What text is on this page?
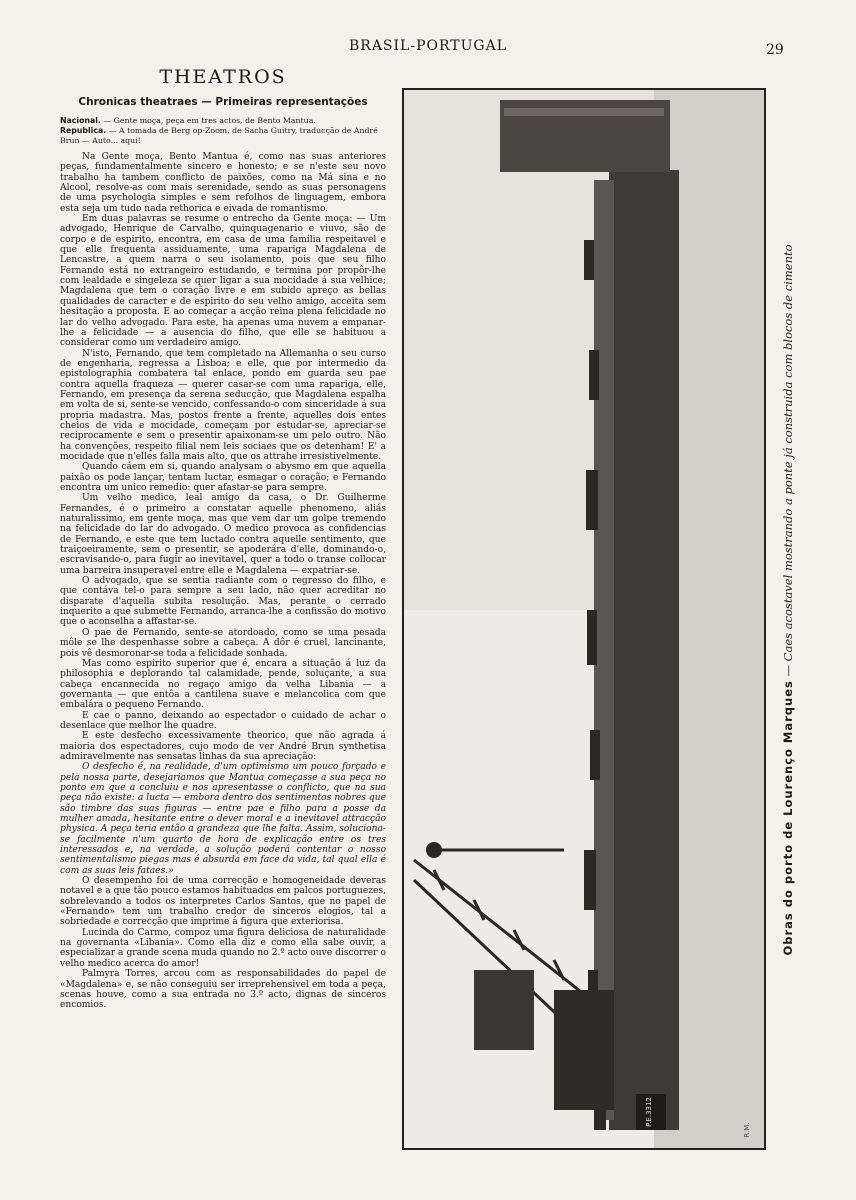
BRASIL-PORTUGAL	29
THEATROS
Chronicas theatraes — Primeiras representações
Nacional. — Gente moça, peça em tres actos, de Bento Mantua.
Republica. — A tomada de Berg op-Zoom, de Sacha Guitry, traducção de André Brun — Auto... aqui!

Na Gente moça, Bento Mantua é, como nas suas anteriores peças, fundamentalmente sincero e honesto; e se n'este seu novo trabalho ha tambem conflicto de paixões, como na Má sina e no Alcool, resolve-as com mais serenidade, sendo as suas personagens de uma psychologia simples e sem refolhos de linguagem, embora esta seja um tudo nada rethorica e eivada de romantismo.

Em duas palavras se resume o entrecho da Gente moça: — Um advogado, Henrique de Carvalho, quinquagenario e viuvo, são de corpo e de espirito, encontra, em casa de uma familia respeitavel e que elle frequenta assiduamente, uma rapariga Magdalena de Lencastre, a quem narra o seu isolamento, pois que seu filho Fernando está no extrangeiro estudando, e termina por propôr-lhe com lealdade e singeleza se quer ligar a sua mocidade á sua velhice; Magdalena que tem o coração livre e em subido apreço as bellas qualidades de caracter e de espirito do seu velho amigo, acceita sem hesitação a proposta. E ao começar a acção reina plena felicidade no lar do velho advogado. Para este, ha apenas uma nuvem a empanar-lhe a felicidade — a ausencia do filho, que elle se habituou a considerar como um verdadeiro amigo.

N'isto, Fernando, que tem completado na Allemanha o seu curso de engenharia, regressa a Lisboa; e elle, que por intermedio da epistolographia combatera tal enlace, pondo em guarda seu pae contra aquella fraqueza — querer casar-se com uma rapariga, elle, Fernando, em presença da serena seducção, que Magdalena espalha em volta de si, sente-se vencido, confessando-o com sinceridade á sua propria madastra. Mas, postos frente a frente, aquelles dois entes cheios de vida e mocidade, começam por estudar-se, apreciar-se reciprocamente e sem o presentir apaixonam-se um pelo outro. Não ha convenções, respeito filial nem leis sociaes que os detenham! E' a mocidade que n'elles falla mais alto, que os attrahe irresistivelmente.

Quando cáem em si, quando analysam o abysmo em que aquella paixão os pode lançar, tentam luctar, esmagar o coração; e Fernando encontra um unico remedio: quer afastar-se para sempre.

Um velho medico, leal amigo da casa, o Dr. Guilherme Fernandes, é o primeiro a constatar aquelle phenomeno, aliás naturalissimo, em gente moça, mas que vem dar um golpe tremendo na felicidade do lar do advogado. O medico provoca as confidencias de Fernando, e este que tem luctado contra aquelle sentimento, que traiçoeiramente, sem o presentir, se apoderára d'elle, dominando-o, escravisando-o, para fugir ao inevitavel, quer a todo o transe collocar uma barreira insuperavel entre elle e Magdalena — expatriar-se.

O advogado, que se sentia radiante com o regresso do filho, e que contáva tel-o para sempre a seu lado, não quer acreditar no disparate d'aquella subita resolução. Mas, perante o cerrado inquerito a que submette Fernando, arranca-lhe a confissão do motivo que o aconselha a affastar-se.

O pae de Fernando, sente-se atordoado, como se uma pesada môle se lhe despenhasse sobre a cabeça. A dôr é cruel, lancinante, pois vê desmoronar-se toda a felicidade sonhada.

Mas como espirito superior que é, encara a situação á luz da philosophia e deplorando tal calamidade, pende, soluçante, a sua cabeça encannecida no regaço amigo da velha Libania — a governanta — que entôa a cantilena suave e melancolica com que embalára o pequeno Fernando.

E cae o panno, deixando ao espectador o cuidado de achar o desenlace que melhor lhe quadre.

E este desfecho excessivamente theorico, que não agrada á maioria dos espectadores, cujo modo de ver André Brun synthetisa admiravelmente nas sensatas linhas da sua apreciação:

O desfecho é, na realidade, d'um optimismo um pouco forçado e pela nossa parte, desejariamos que Mantua começasse a sua peça no ponto em que a concluiu e nos apresentasse o conflicto, que na sua peça não existe: a lucta — embora dentro dos sentimentos nobres que são timbre das suas figuras — entre pae e filho para a posse da mulher amada, hesitante entre o dever moral e a inevitavel attracção physica. A peça teria então a grandeza que lhe falta. Assim, soluciona-se facilmente n'um quarto de hora de explicação entre os tres interessados e, na verdade, a solução poderá contentar o nosso sentimentalismo piegas mas é absurda em face da vida, tal qual ella é com as suas leis fataes.»

O desempenho foi de uma correcção e homogeneidade deveras notavel e a que tão pouco estamos habituados em palcos portuguezes, sobrelevando a todos os interpretes Carlos Santos, que no papel de «Fernando» tem um trabalho credor de sinceros elogios, tal a sobriedade e correcção que imprime á figura que exteriorisa.

Lucinda do Carmo, compoz uma figura deliciosa de naturalidade na governanta «Libania». Como ella diz e como ella sabe ouvir, a especializar a grande scena muda quando no 2.º acto ouve discorrer o velho medico acerca do amor!

Palmyra Torres, arcou com as responsabilidades do papel de «Magdalena» e, se não conseguiu ser irreprehensivel em toda a peça, scenas houve, como a sua entrada no 3.º acto, dignas de sinceros encomios.

P.E.3312
R.M.
Obras do porto de Lourenço Marques — Caes acostavel mostrando a ponte já construida com blocos de cimento
